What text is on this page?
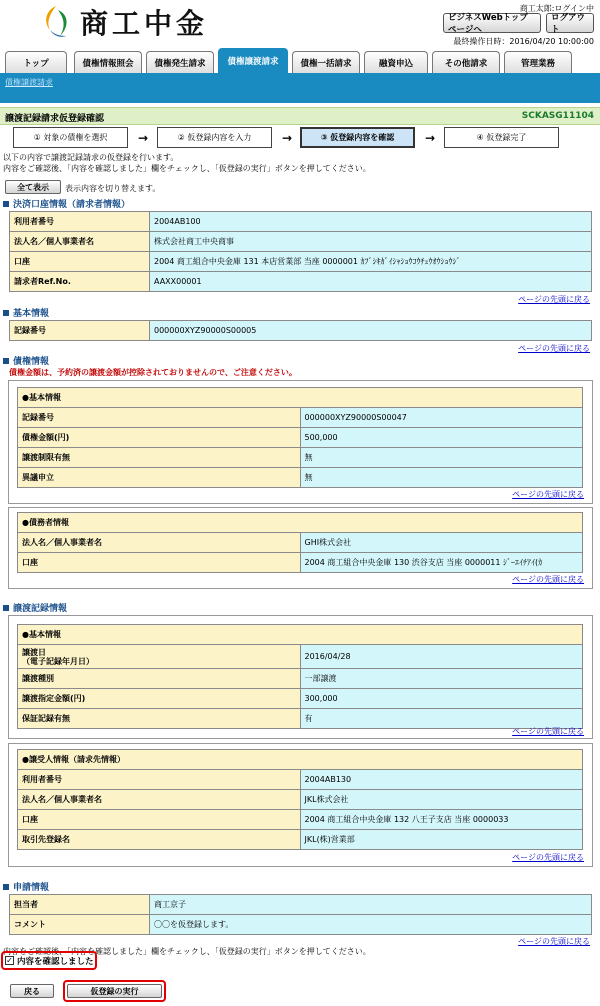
商工中金	商工太郎:ログイン中
ビジネスWebトップページへ
ログアウト
最終操作日時：2016/04/20 10:00:00
トップ	債権情報照会	債権発生請求	債権譲渡請求	債権一括請求	融資申込	その他請求	管理業務
債権譲渡請求
譲渡記録請求仮登録確認	SCKASG11104
① 対象の債権を選択	→	② 仮登録内容を入力	→	③ 仮登録内容を確認	→	④ 仮登録完了
以下の内容で譲渡記録請求の仮登録を行います。
内容をご確認後、「内容を確認しました」欄をチェックし、「仮登録の実行」ボタンを押してください。
全て表示	表示内容を切り替えます。
決済口座情報（請求者情報）
利用者番号	2004AB100
法人名／個人事業者名	株式会社商工中央商事
口座	2004 商工組合中央金庫 131 本店営業部 当座 0000001 ｶﾌﾞｼｷｶﾞｲｼｬｼｮｳｺｳﾁｭｳｵｳｼｮｳｼﾞ
請求者Ref.No.	AAXX00001
ページの先頭に戻る
基本情報
記録番号	000000XYZ90000S00005
ページの先頭に戻る
債権情報
債権金額は、予約済の譲渡金額が控除されておりませんので、ご注意ください。
●基本情報	
記録番号	000000XYZ90000S00047
債権金額(円)	500,000
譲渡制限有無	無
異議申立	無
ページの先頭に戻る
●債務者情報	
法人名／個人事業者名	GHI株式会社
口座	2004 商工組合中央金庫 130 渋谷支店 当座 0000011 ｼﾞｰｴｲﾁｱｲ(ｶ
ページの先頭に戻る
譲渡記録情報
●基本情報	
譲渡日
（電子記録年月日）	2016/04/28
譲渡種別	一部譲渡
譲渡指定金額(円)	300,000
保証記録有無	有
ページの先頭に戻る
●譲受人情報（請求先情報）	
利用者番号	2004AB130
法人名／個人事業者名	JKL株式会社
口座	2004 商工組合中央金庫 132 八王子支店 当座 0000033
取引先登録名	JKL(株)営業部
ページの先頭に戻る
申請情報
担当者	商工京子
コメント	〇〇を仮登録します。
ページの先頭に戻る
内容をご確認後、「内容を確認しました」欄をチェックし、「仮登録の実行」ボタンを押してください。
✓ 内容を確認しました
戻る	仮登録の実行
